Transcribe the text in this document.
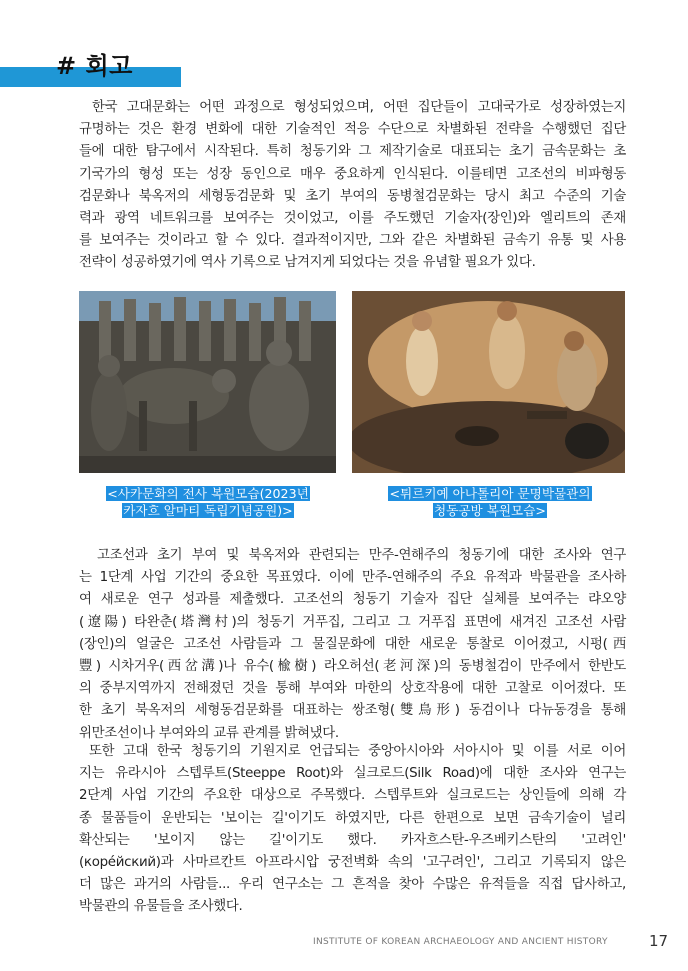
# 회고
한국 고대문화는 어떤 과정으로 형성되었으며, 어떤 집단들이 고대국가로 성장하였는지
규명하는 것은 환경 변화에 대한 기술적인 적응 수단으로 차별화된 전략을 수행했던 집단
들에 대한 탐구에서 시작된다. 특히 청동기와 그 제작기술로 대표되는 초기 금속문화는 초
기국가의 형성 또는 성장 동인으로 매우 중요하게 인식된다. 이를테면 고조선의 비파형동
검문화나 북옥저의 세형동검문화 및 초기 부여의 동병철검문화는 당시 최고 수준의 기술
력과 광역 네트워크를 보여주는 것이었고, 이를 주도했던 기술자(장인)와 엘리트의 존재
를 보여주는 것이라고 할 수 있다. 결과적이지만, 그와 같은 차별화된 금속기 유통 및 사용
전략이 성공하였기에 역사 기록으로 남겨지게 되었다는 것을 유념할 필요가 있다.
<사카문화의 전사 복원모습(2023년
카자흐 알마티 독립기념공원)>
<튀르키예 아나톨리아 문명박물관의
청동공방 복원모습>
고조선과 초기 부여 및 북옥저와 관련되는 만주-연해주의 청동기에 대한 조사와 연구
는 1단계 사업 기간의 중요한 목표였다. 이에 만주-연해주의 주요 유적과 박물관을 조사하
여 새로운 연구 성과를 제출했다. 고조선의 청동기 기술자 집단 실체를 보여주는 랴오양
(遼陽) 타완춘(塔灣村)의 청동기 거푸집, 그리고 그 거푸집 표면에 새겨진 고조선 사람
(장인)의 얼굴은 고조선 사람들과 그 물질문화에 대한 새로운 통찰로 이어졌고, 시펑(西
豐) 시차거우(西岔溝)나 유수(楡樹) 라오허선(老河深)의 동병철검이 만주에서 한반도
의 중부지역까지 전해졌던 것을 통해 부여와 마한의 상호작용에 대한 고찰로 이어졌다. 또
한 초기 북옥저의 세형동검문화를 대표하는 쌍조형(雙鳥形) 동검이나 다뉴동경을 통해
위만조선이나 부여와의 교류 관계를 밝혀냈다.
또한 고대 한국 청동기의 기원지로 언급되는 중앙아시아와 서아시아 및 이를 서로 이어
지는 유라시아 스텝루트(Steeppe Root)와 실크로드(Silk Road)에 대한 조사와 연구는
2단계 사업 기간의 주요한 대상으로 주목했다. 스텝루트와 실크로드는 상인들에 의해 각
종 물품들이 운반되는 '보이는 길'이기도 하였지만, 다른 한편으로 보면 금속기술이 널리
확산되는 '보이지 않는 길'이기도 했다. 카자흐스탄-우즈베키스탄의 '고려인'
(корéйский)과 사마르칸트 아프라시압 궁전벽화 속의 '고구려인', 그리고 기록되지 않은
더 많은 과거의 사람들... 우리 연구소는 그 흔적을 찾아 수많은 유적들을 직접 답사하고,
박물관의 유물들을 조사했다.
INSTITUTE OF KOREAN ARCHAEOLOGY AND ANCIENT HISTORY	17
